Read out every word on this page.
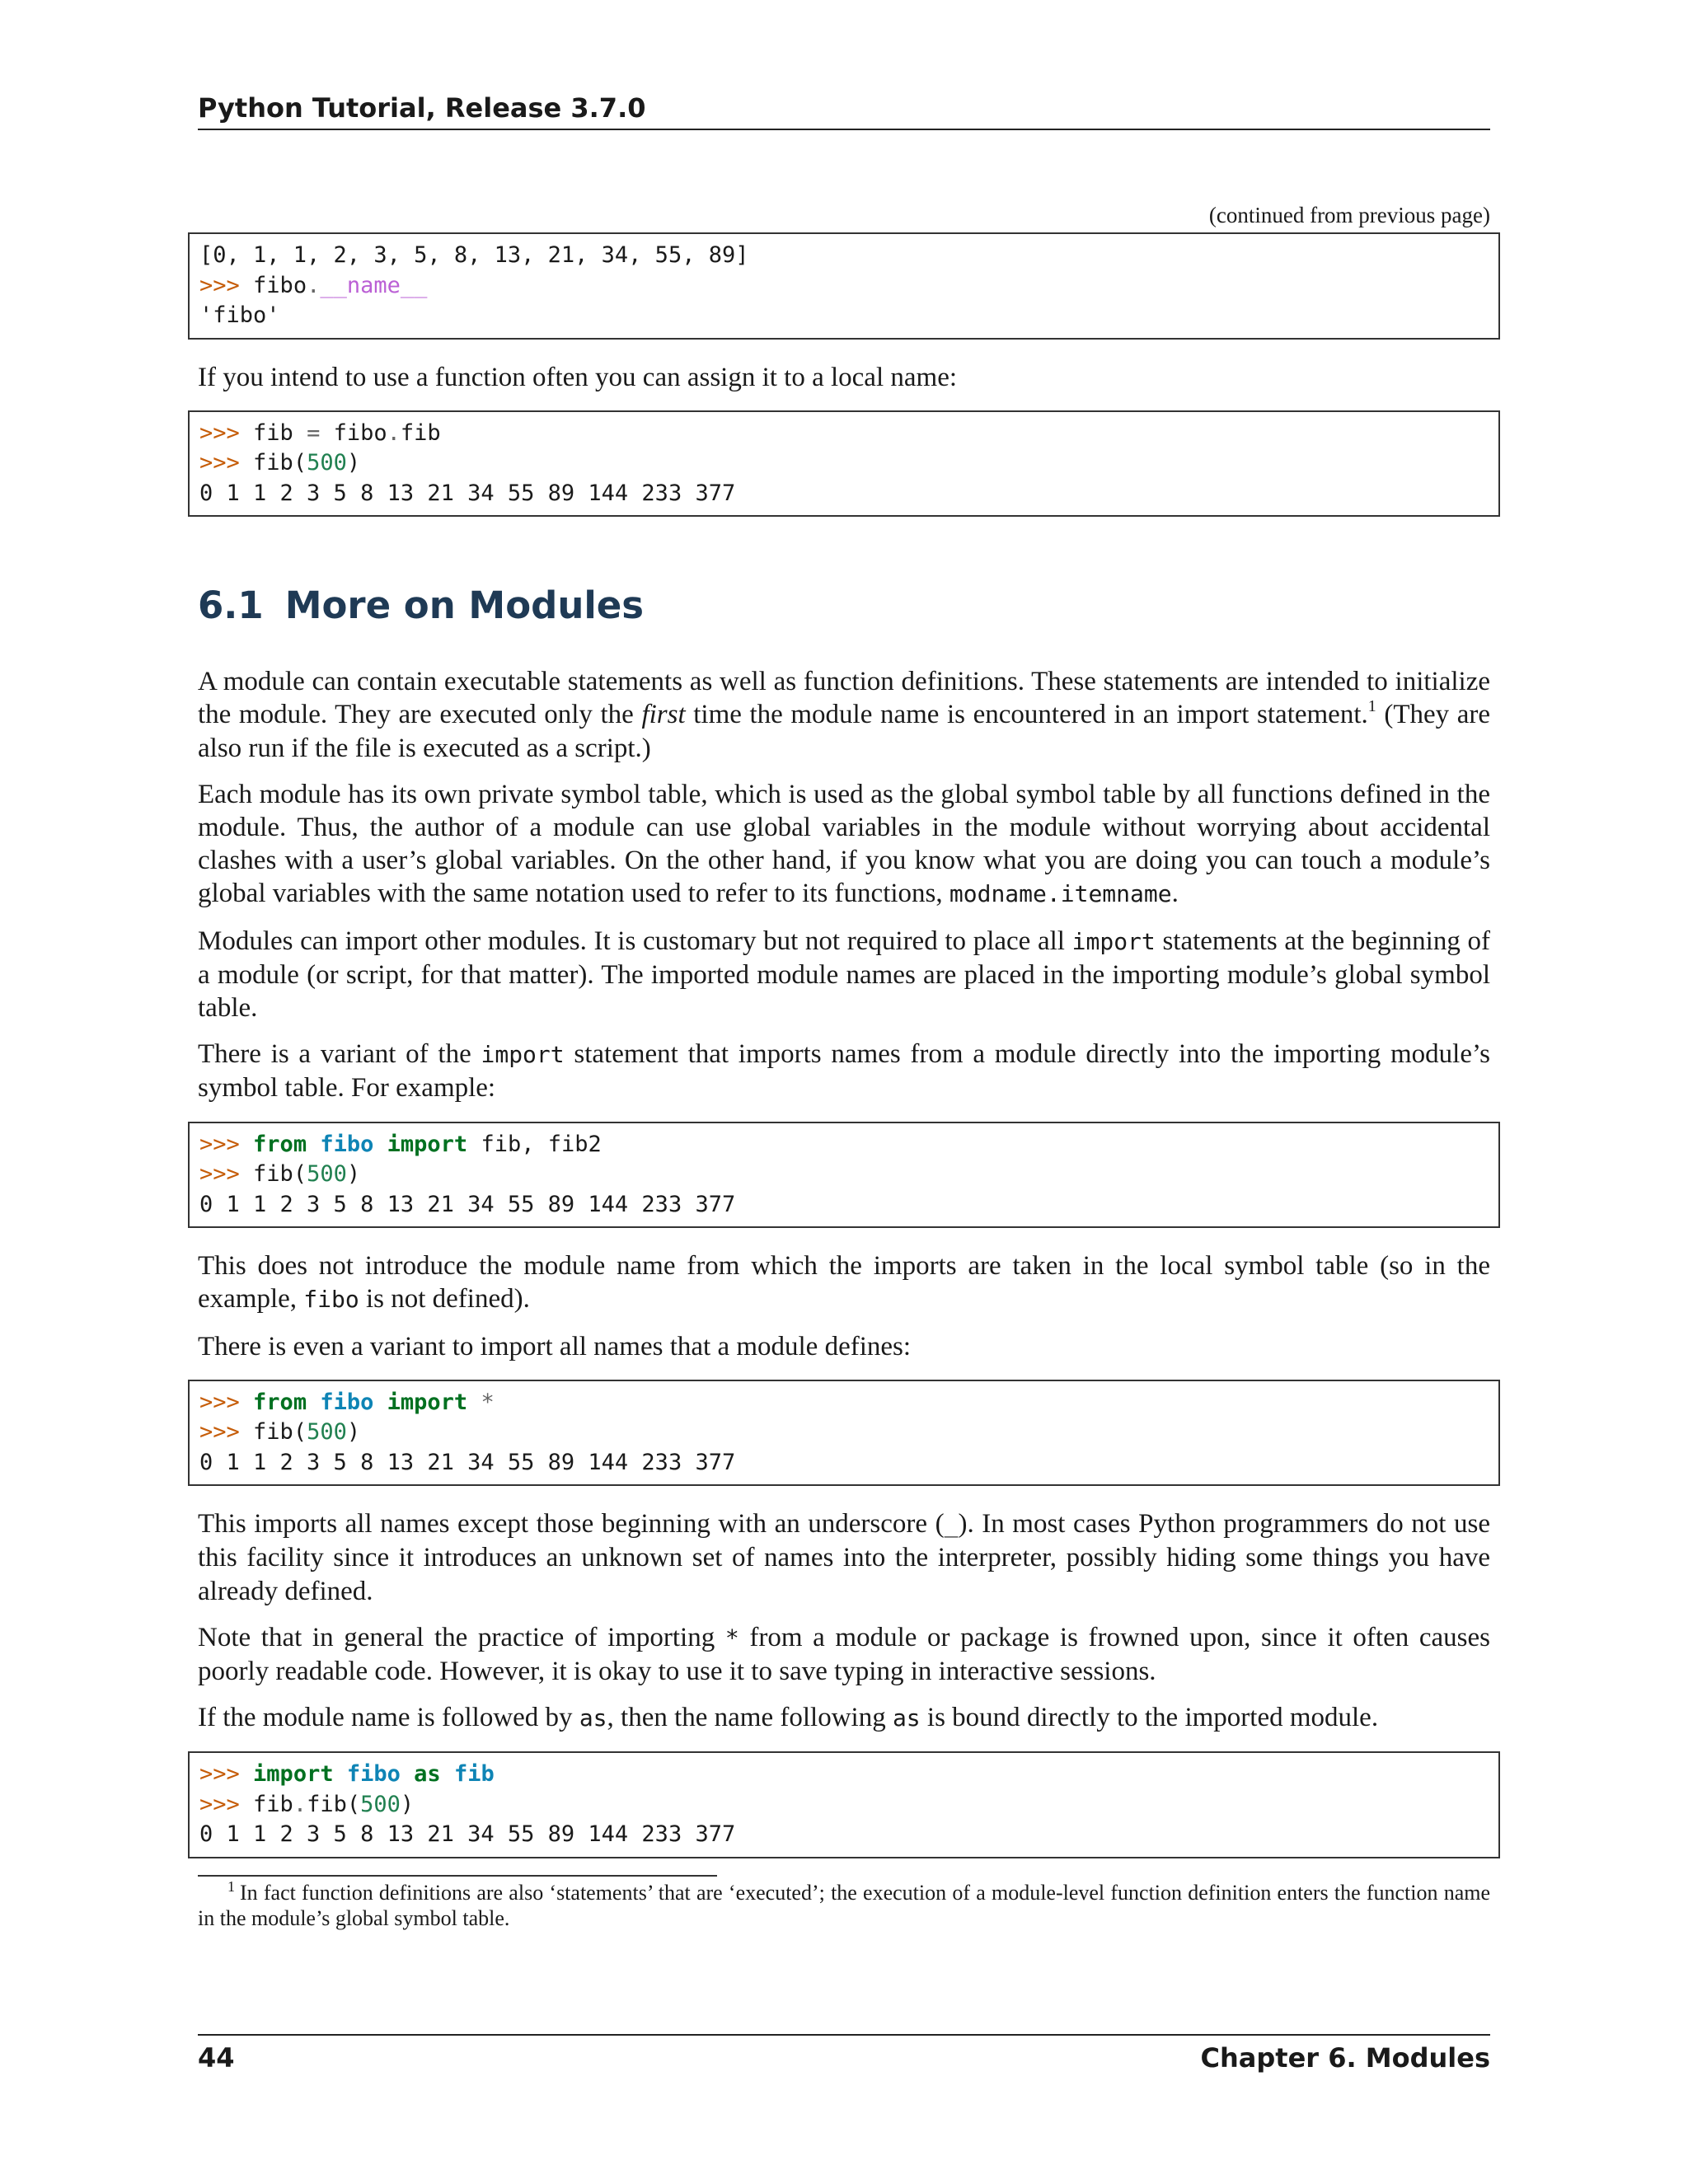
Python Tutorial, Release 3.7.0

(continued from previous page)

[0, 1, 1, 2, 3, 5, 8, 13, 21, 34, 55, 89]
>>> fibo.__name__
'fibo'

If you intend to use a function often you can assign it to a local name:

>>> fib = fibo.fib
>>> fib(500)
0 1 1 2 3 5 8 13 21 34 55 89 144 233 377
6.1 More on Modules

A module can contain executable statements as well as function definitions. These statements are intended to initialize the module. They are executed only the first time the module name is encountered in an import statement.$^1$ (They are also run if the file is executed as a script.)

Each module has its own private symbol table, which is used as the global symbol table by all functions defined in the module. Thus, the author of a module can use global variables in the module without worrying about accidental clashes with a user’s global variables. On the other hand, if you know what you are doing you can touch a module’s global variables with the same notation used to refer to its functions, modname.itemname.

Modules can import other modules. It is customary but not required to place all import statements at the beginning of a module (or script, for that matter). The imported module names are placed in the importing module’s global symbol table.

There is a variant of the import statement that imports names from a module directly into the importing module’s symbol table. For example:

>>> from fibo import fib, fib2
>>> fib(500)
0 1 1 2 3 5 8 13 21 34 55 89 144 233 377

This does not introduce the module name from which the imports are taken in the local symbol table (so in the example, fibo is not defined).

There is even a variant to import all names that a module defines:

>>> from fibo import *
>>> fib(500)
0 1 1 2 3 5 8 13 21 34 55 89 144 233 377

This imports all names except those beginning with an underscore (_). In most cases Python programmers do not use this facility since it introduces an unknown set of names into the interpreter, possibly hiding some things you have already defined.

Note that in general the practice of importing * from a module or package is frowned upon, since it often causes poorly readable code. However, it is okay to use it to save typing in interactive sessions.

If the module name is followed by as, then the name following as is bound directly to the imported module.

>>> import fibo as fib
>>> fib.fib(500)
0 1 1 2 3 5 8 13 21 34 55 89 144 233 377

$^1$ In fact function definitions are also ‘statements’ that are ‘executed’; the execution of a module-level function definition enters the function name in the module’s global symbol table.

44	Chapter 6. Modules
